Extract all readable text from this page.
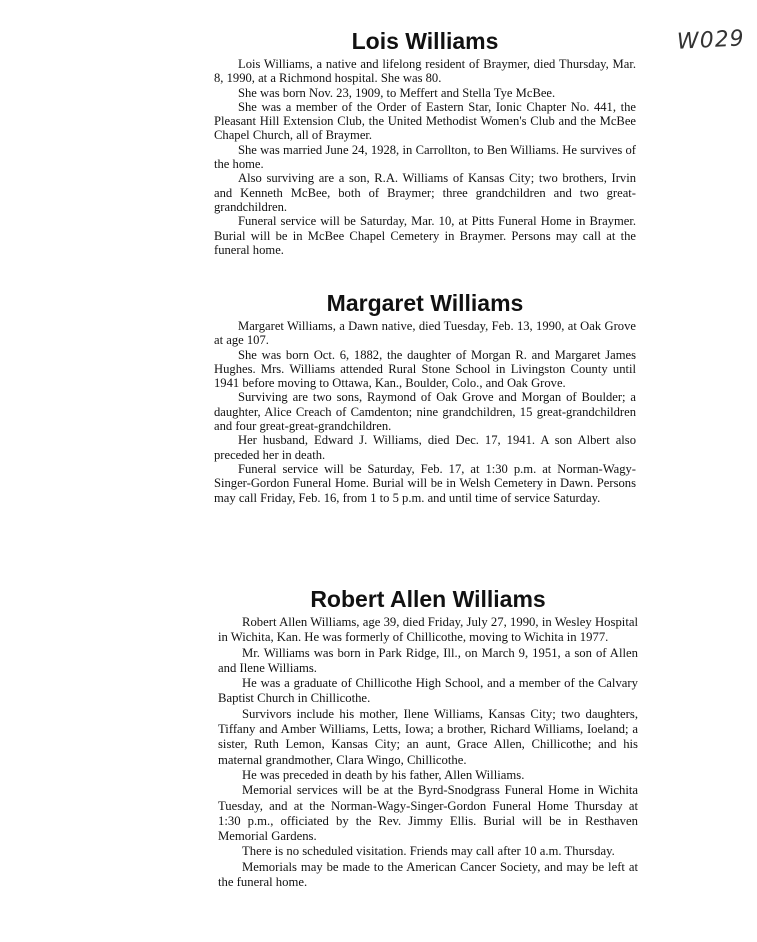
W029
Lois Williams

Lois Williams, a native and lifelong resident of Braymer, died Thursday, Mar. 8, 1990, at a Richmond hospital. She was 80.

She was born Nov. 23, 1909, to Meffert and Stella Tye McBee.

She was a member of the Order of Eastern Star, Ionic Chapter No. 441, the Pleasant Hill Extension Club, the United Methodist Women's Club and the McBee Chapel Church, all of Braymer.

She was married June 24, 1928, in Carrollton, to Ben Williams. He survives of the home.

Also surviving are a son, R.A. Williams of Kansas City; two brothers, Irvin and Kenneth McBee, both of Braymer; three grandchildren and two great-grandchildren.

Funeral service will be Saturday, Mar. 10, at Pitts Funeral Home in Braymer. Burial will be in McBee Chapel Cemetery in Braymer. Persons may call at the funeral home.

Margaret Williams

Margaret Williams, a Dawn native, died Tuesday, Feb. 13, 1990, at Oak Grove at age 107.

She was born Oct. 6, 1882, the daughter of Morgan R. and Margaret James Hughes. Mrs. Williams attended Rural Stone School in Livingston County until 1941 before moving to Ottawa, Kan., Boulder, Colo., and Oak Grove.

Surviving are two sons, Raymond of Oak Grove and Morgan of Boulder; a daughter, Alice Creach of Camdenton; nine grandchildren, 15 great-grandchildren and four great-great-grandchildren.

Her husband, Edward J. Williams, died Dec. 17, 1941. A son Albert also preceded her in death.

Funeral service will be Saturday, Feb. 17, at 1:30 p.m. at Norman-Wagy-Singer-Gordon Funeral Home. Burial will be in Welsh Cemetery in Dawn. Persons may call Friday, Feb. 16, from 1 to 5 p.m. and until time of service Saturday.

Robert Allen Williams

Robert Allen Williams, age 39, died Friday, July 27, 1990, in Wesley Hospital in Wichita, Kan. He was formerly of Chillicothe, moving to Wichita in 1977.

Mr. Williams was born in Park Ridge, Ill., on March 9, 1951, a son of Allen and Ilene Williams.

He was a graduate of Chillicothe High School, and a member of the Calvary Baptist Church in Chillicothe.

Survivors include his mother, Ilene Williams, Kansas City; two daughters, Tiffany and Amber Williams, Letts, Iowa; a brother, Richard Williams, Ioeland; a sister, Ruth Lemon, Kansas City; an aunt, Grace Allen, Chillicothe; and his maternal grandmother, Clara Wingo, Chillicothe.

He was preceded in death by his father, Allen Williams.

Memorial services will be at the Byrd-Snodgrass Funeral Home in Wichita Tuesday, and at the Norman-Wagy-Singer-Gordon Funeral Home Thursday at 1:30 p.m., officiated by the Rev. Jimmy Ellis. Burial will be in Resthaven Memorial Gardens.

There is no scheduled visitation. Friends may call after 10 a.m. Thursday.

Memorials may be made to the American Cancer Society, and may be left at the funeral home.
